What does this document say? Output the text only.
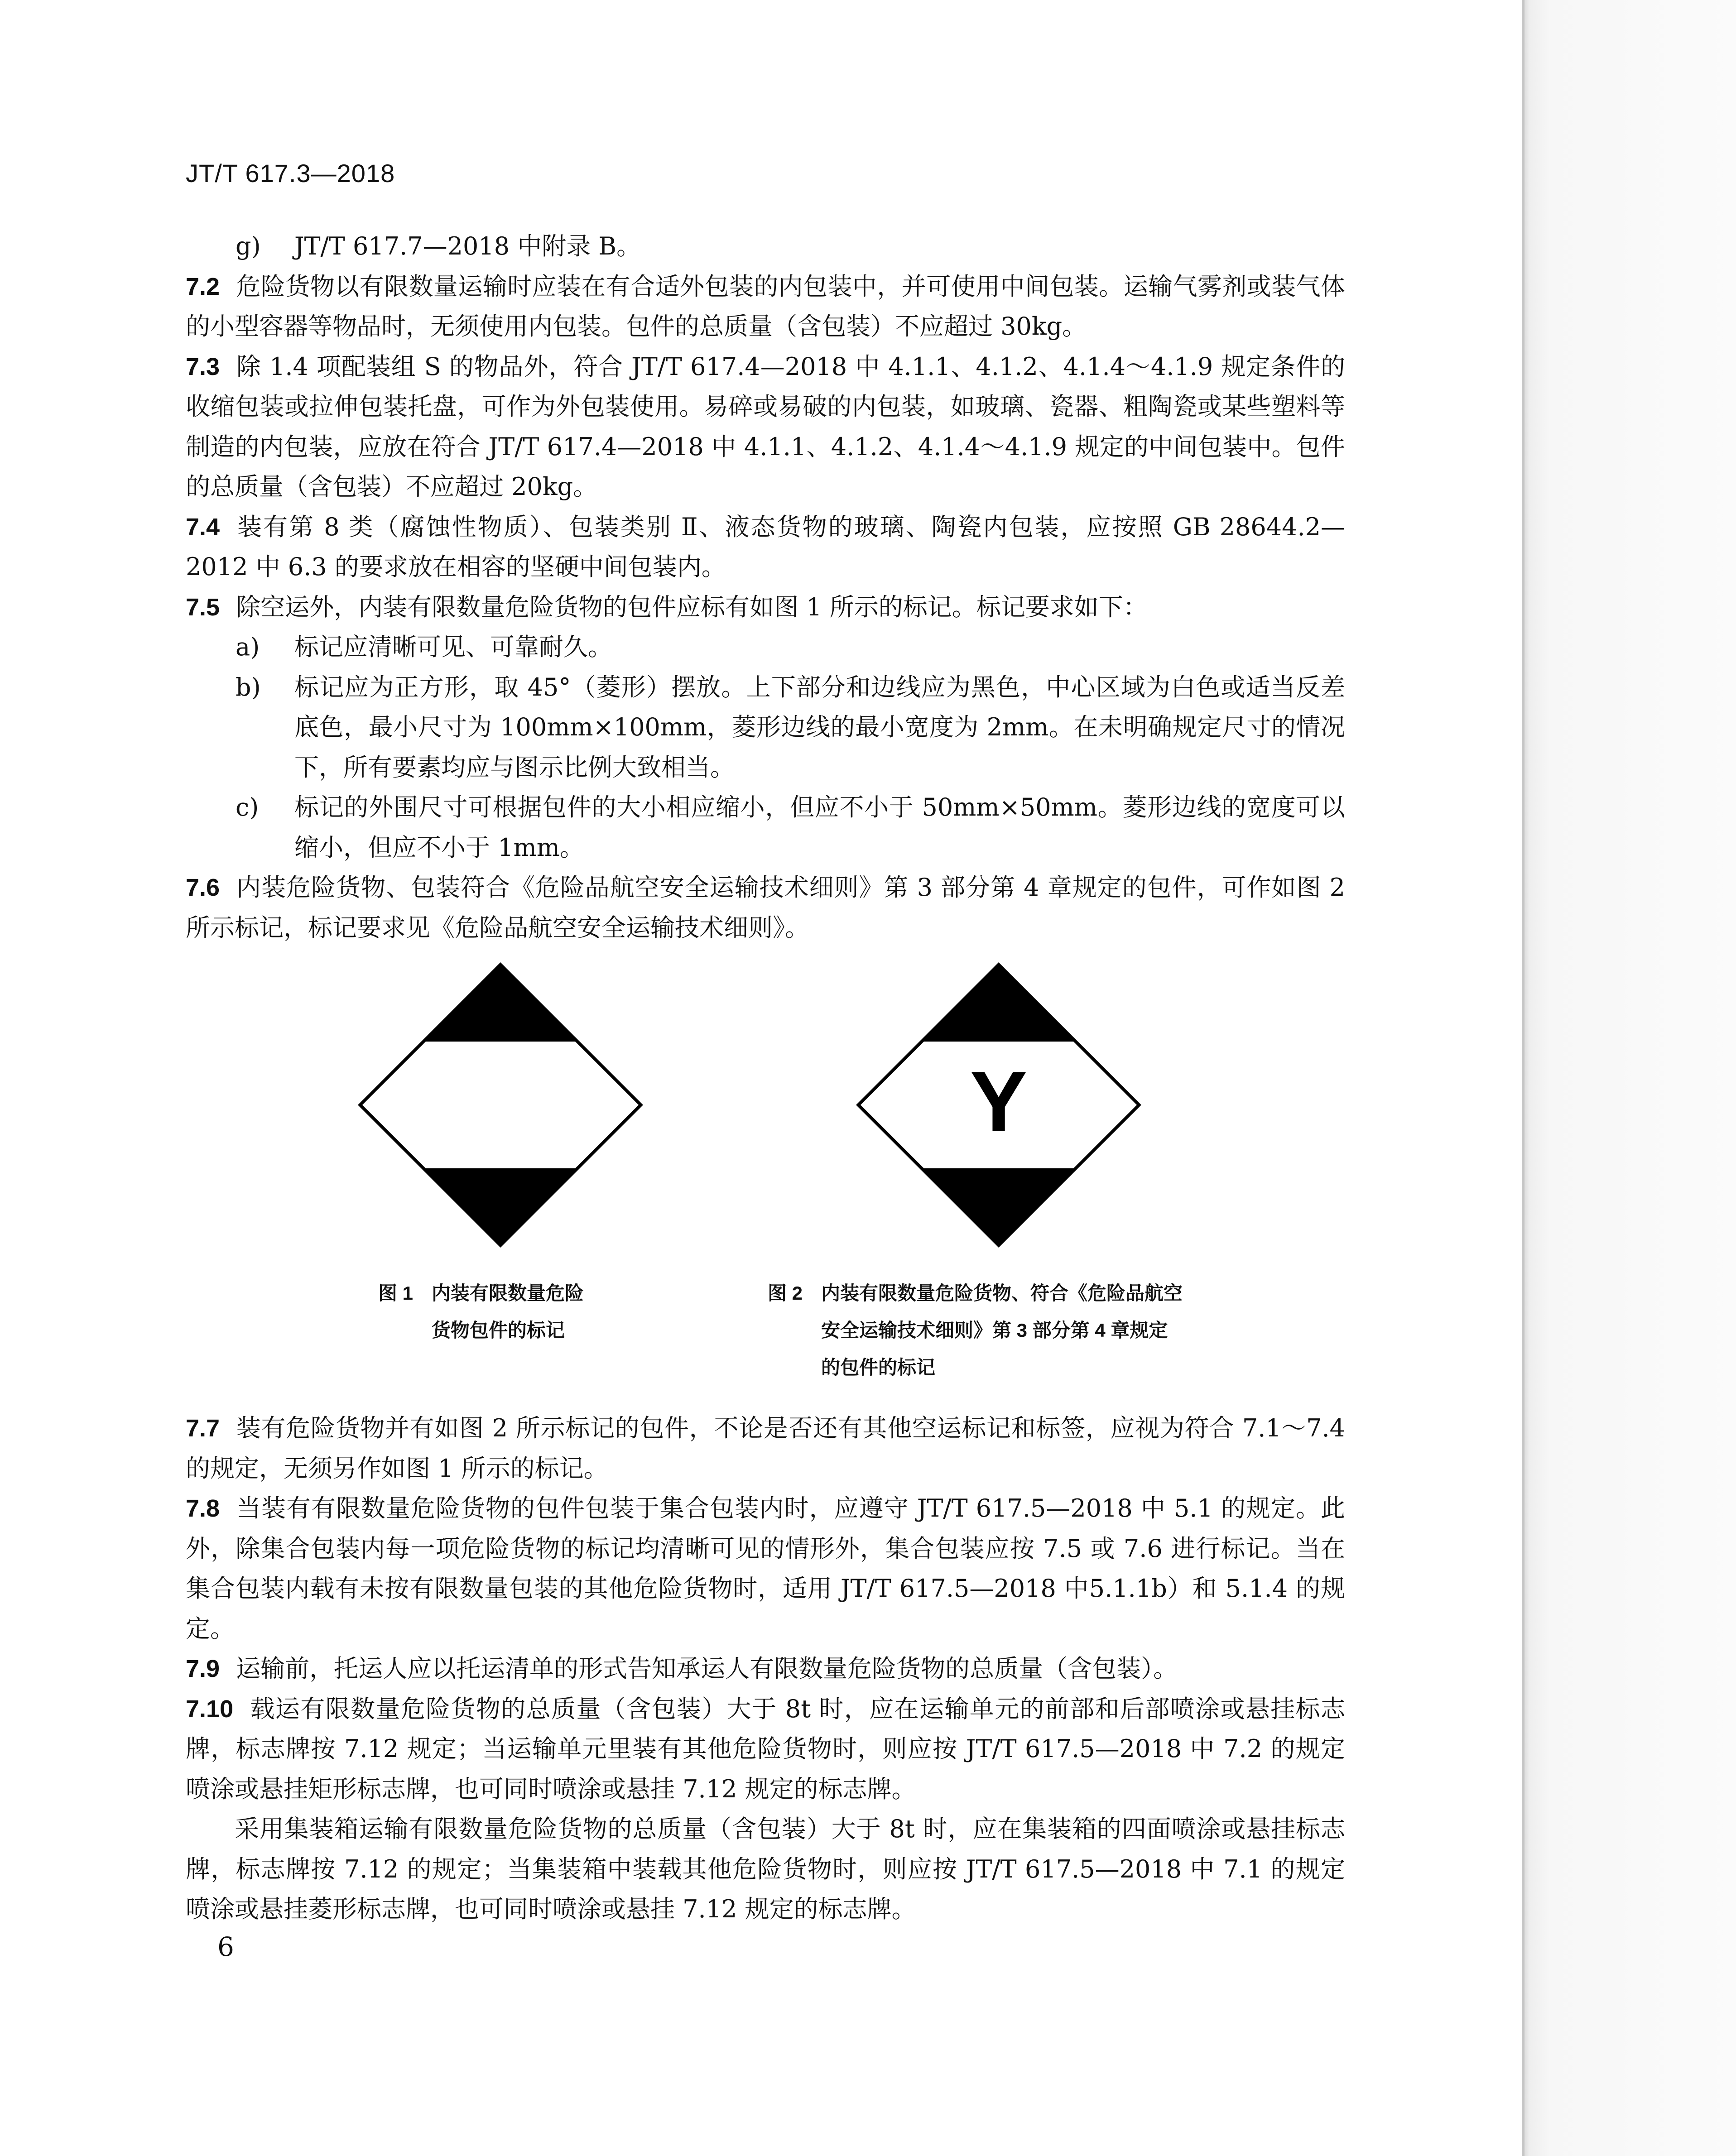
JT/T 617.3—2018
g) JT/T 617.7—2018 中附录 B。

7.2 危险货物以有限数量运输时应装在有合适外包装的内包装中，并可使用中间包装。运输气雾剂或装气体的小型容器等物品时，无须使用内包装。包件的总质量（含包装）不应超过 30kg。

7.3 除 1.4 项配装组 S 的物品外，符合 JT/T 617.4—2018 中 4.1.1、4.1.2、4.1.4～4.1.9 规定条件的收缩包装或拉伸包装托盘，可作为外包装使用。易碎或易破的内包装，如玻璃、瓷器、粗陶瓷或某些塑料等制造的内包装，应放在符合 JT/T 617.4—2018 中 4.1.1、4.1.2、4.1.4～4.1.9 规定的中间包装中。包件的总质量（含包装）不应超过 20kg。

7.4 装有第 8 类（腐蚀性物质）、包装类别 Ⅱ、液态货物的玻璃、陶瓷内包装，应按照 GB 28644.2—2012 中 6.3 的要求放在相容的坚硬中间包装内。

7.5 除空运外，内装有限数量危险货物的包件应标有如图 1 所示的标记。标记要求如下：

a) 标记应清晰可见、可靠耐久。
b) 标记应为正方形，取 45°（菱形）摆放。上下部分和边线应为黑色，中心区域为白色或适当反差底色，最小尺寸为 100mm×100mm，菱形边线的最小宽度为 2mm。在未明确规定尺寸的情况下，所有要素均应与图示比例大致相当。
c) 标记的外围尺寸可根据包件的大小相应缩小，但应不小于 50mm×50mm。菱形边线的宽度可以缩小，但应不小于 1mm。

7.6 内装危险货物、包装符合《危险品航空安全运输技术细则》第 3 部分第 4 章规定的包件，可作如图 2 所示标记，标记要求见《危险品航空安全运输技术细则》。

Y
图 1 内装有限数量危险
货物包件的标记
图 2 内装有限数量危险货物、符合《危险品航空
安全运输技术细则》第 3 部分第 4 章规定
的包件的标记

7.7 装有危险货物并有如图 2 所示标记的包件，不论是否还有其他空运标记和标签，应视为符合 7.1～7.4的规定，无须另作如图 1 所示的标记。

7.8 当装有有限数量危险货物的包件包装于集合包装内时，应遵守 JT/T 617.5—2018 中 5.1 的规定。此外，除集合包装内每一项危险货物的标记均清晰可见的情形外，集合包装应按 7.5 或 7.6 进行标记。当在集合包装内载有未按有限数量包装的其他危险货物时，适用 JT/T 617.5—2018 中5.1.1b）和 5.1.4 的规定。

7.9 运输前，托运人应以托运清单的形式告知承运人有限数量危险货物的总质量（含包装）。

7.10 载运有限数量危险货物的总质量（含包装）大于 8t 时，应在运输单元的前部和后部喷涂或悬挂标志牌，标志牌按 7.12 规定；当运输单元里装有其他危险货物时，则应按 JT/T 617.5—2018 中 7.2 的规定喷涂或悬挂矩形标志牌，也可同时喷涂或悬挂 7.12 规定的标志牌。

采用集装箱运输有限数量危险货物的总质量（含包装）大于 8t 时，应在集装箱的四面喷涂或悬挂标志牌，标志牌按 7.12 的规定；当集装箱中装载其他危险货物时，则应按 JT/T 617.5—2018 中 7.1 的规定喷涂或悬挂菱形标志牌，也可同时喷涂或悬挂 7.12 规定的标志牌。

6
